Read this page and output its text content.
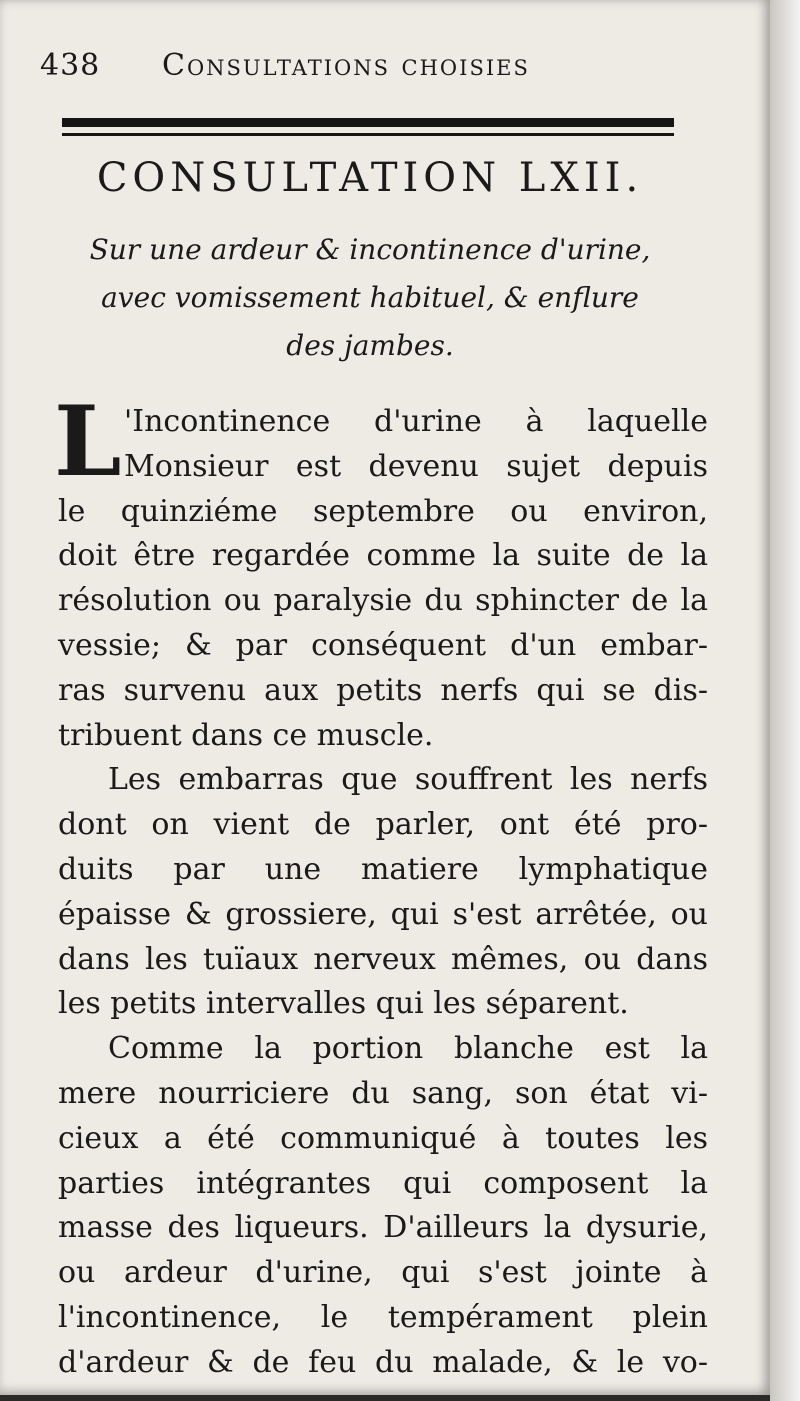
438 Consultations choisies
CONSULTATION LXII.
Sur une ardeur & incontinence d'urine,
avec vomissement habituel, & enflure
des jambes.
L 'Incontinence d'urine à laquelle
Monsieur est devenu sujet depuis
le quinziéme septembre ou environ,
doit être regardée comme la suite de la
résolution ou paralysie du sphincter de la
vessie; & par conséquent d'un embar-
ras survenu aux petits nerfs qui se dis-
tribuent dans ce muscle.
Les embarras que souffrent les nerfs
dont on vient de parler, ont été pro-
duits par une matiere lymphatique
épaisse & grossiere, qui s'est arrêtée, ou
dans les tuïaux nerveux mêmes, ou dans
les petits intervalles qui les séparent.
Comme la portion blanche est la
mere nourriciere du sang, son état vi-
cieux a été communiqué à toutes les
parties intégrantes qui composent la
masse des liqueurs. D'ailleurs la dysurie,
ou ardeur d'urine, qui s'est jointe à
l'incontinence, le tempérament plein
d'ardeur & de feu du malade, & le vo-
